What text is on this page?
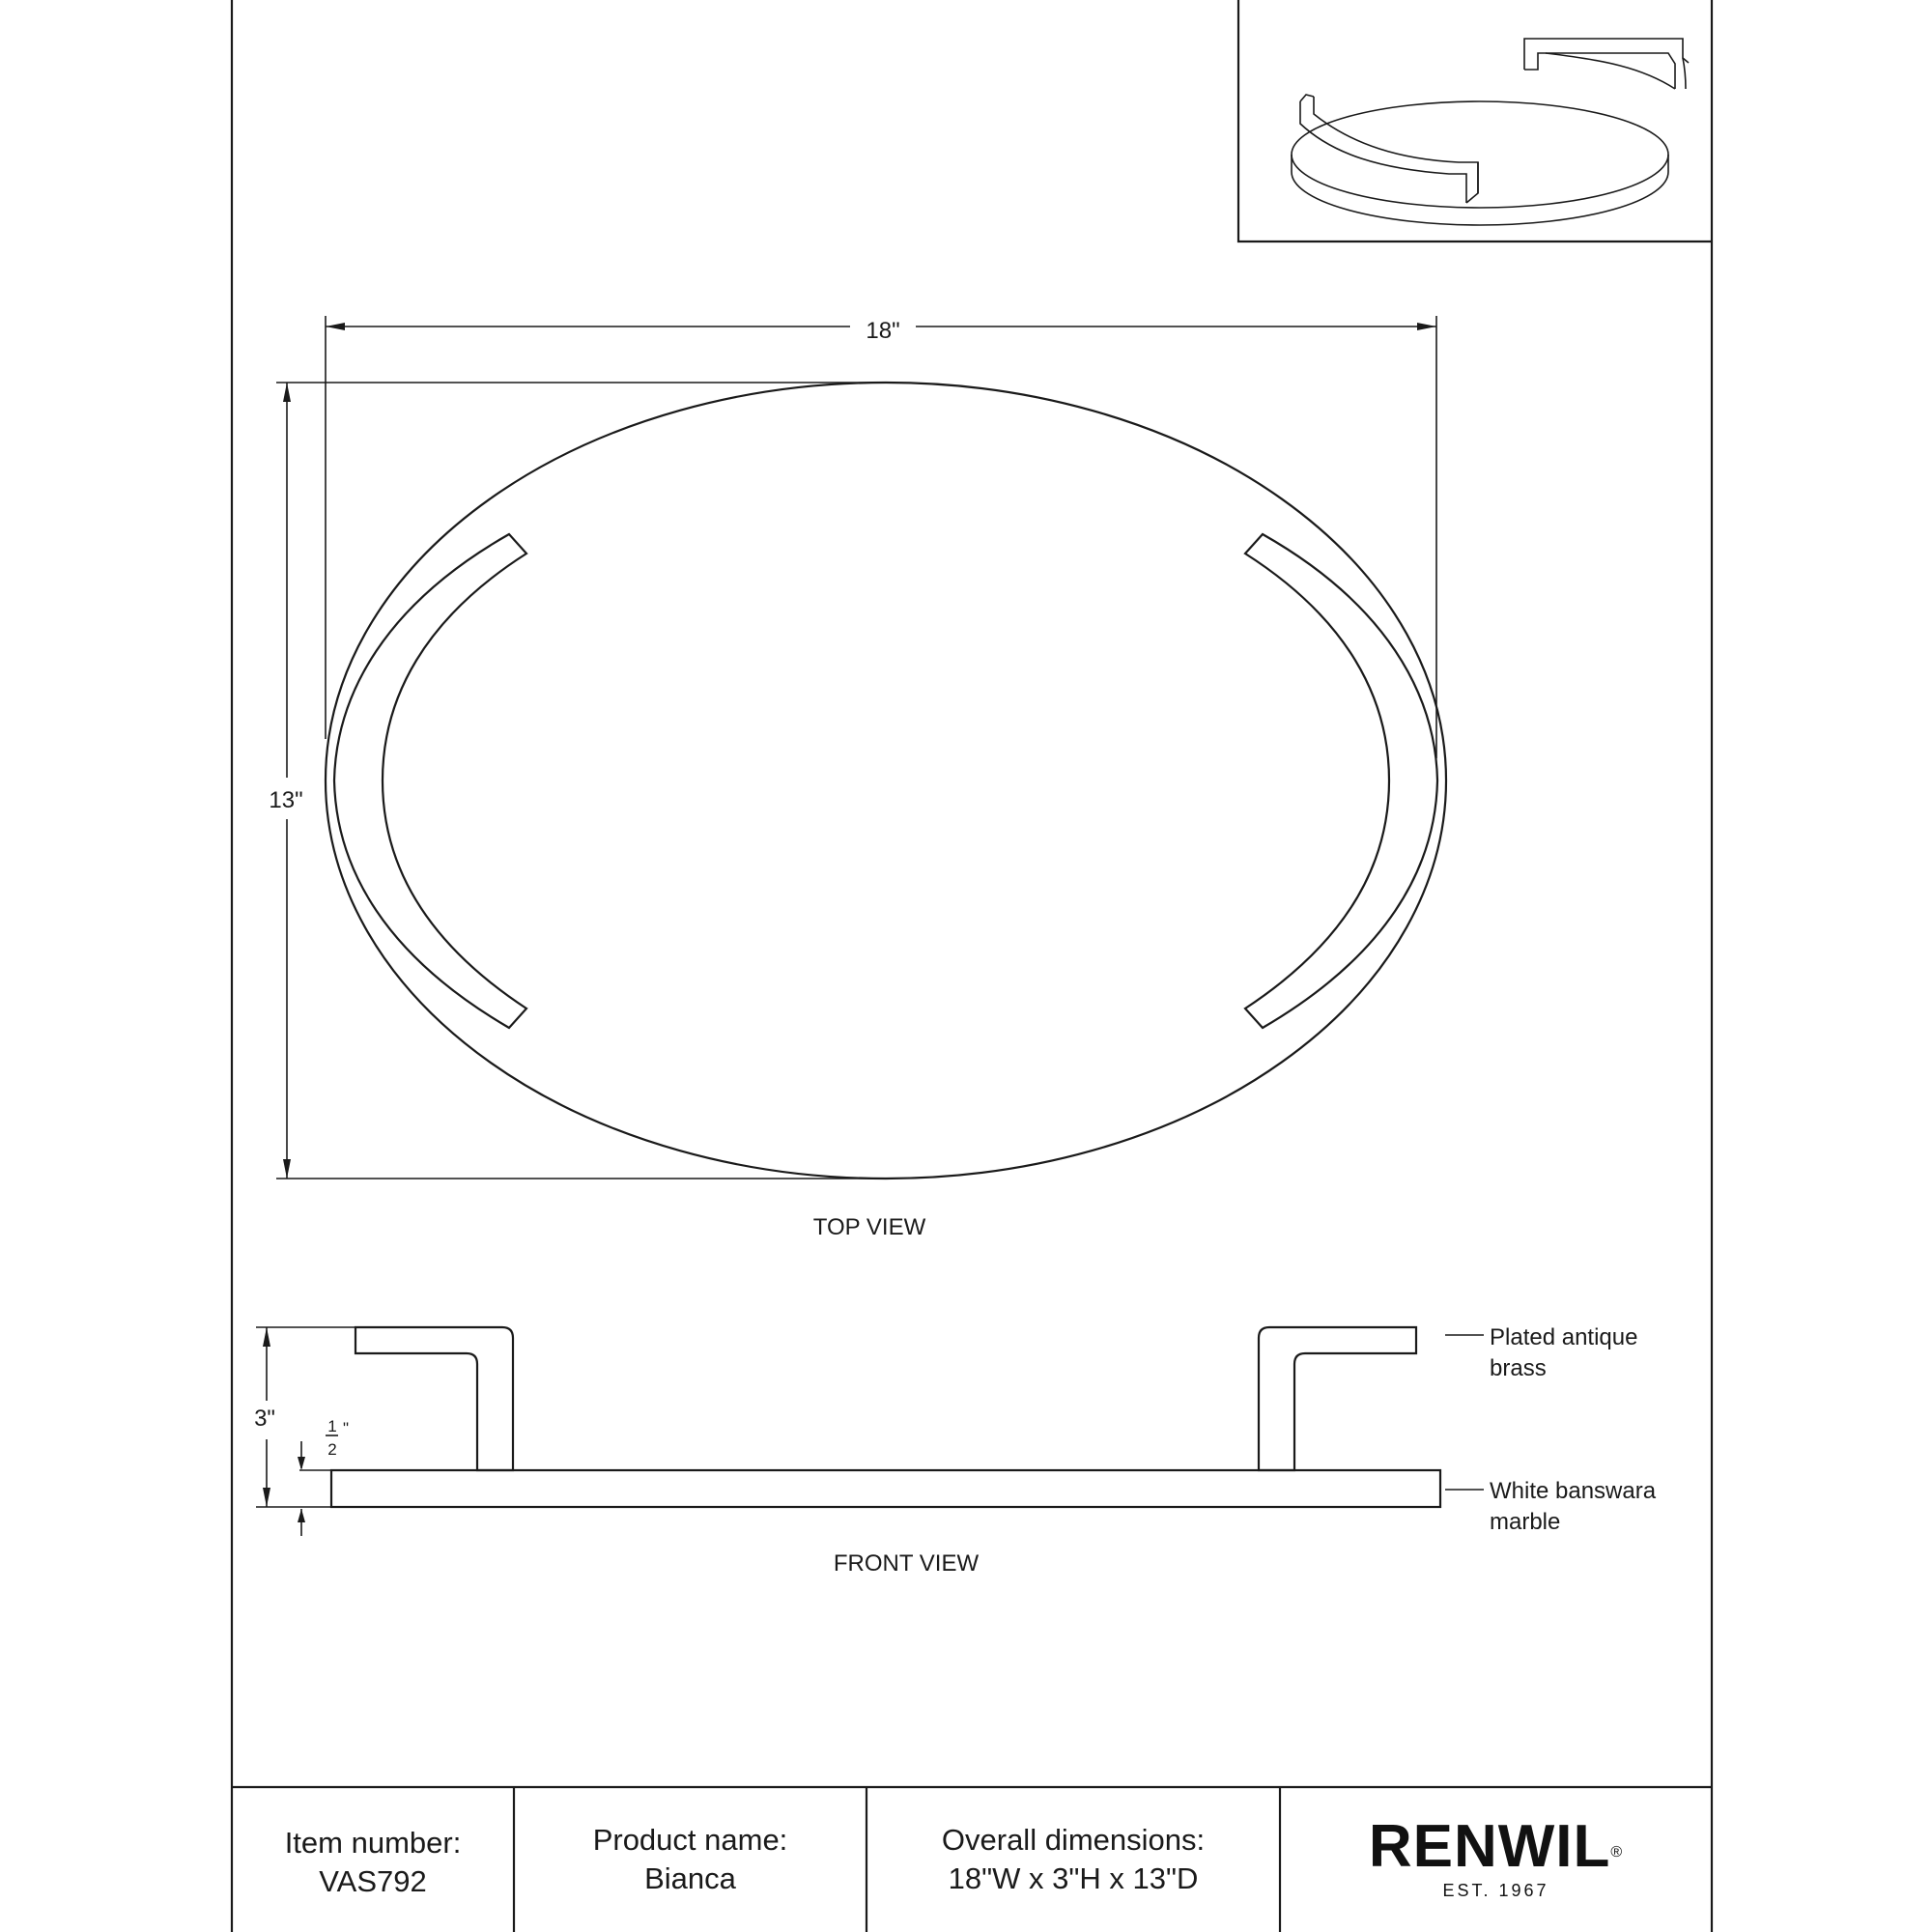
18"
13"
TOP VIEW
3"	1
2
"
Plated antique
brass
White banswara
marble
FRONT VIEW
Item number:
VAS792
Product name:
Bianca
Overall dimensions:
18"W x 3"H x 13"D	RENWIL®
EST. 1967
